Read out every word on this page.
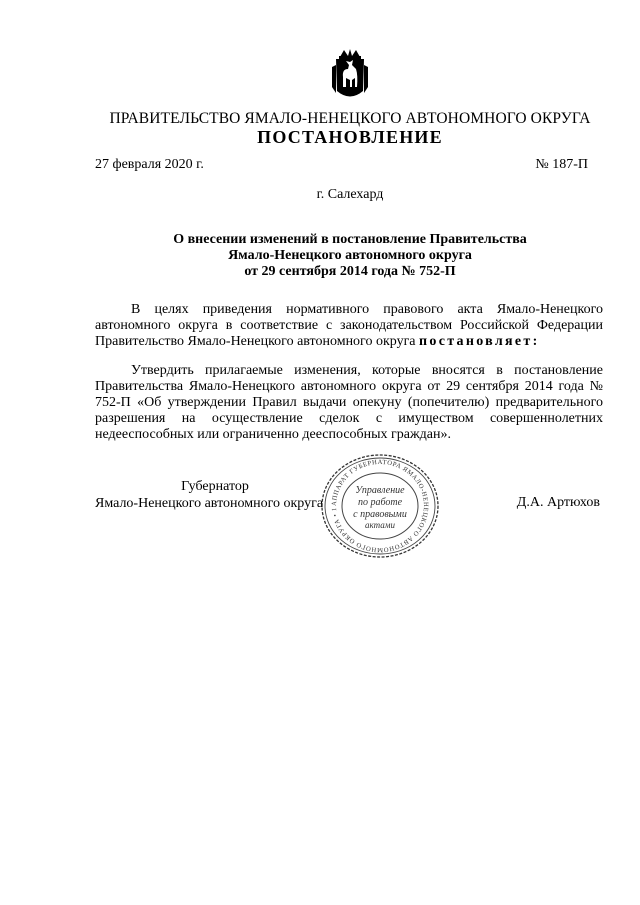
ПРАВИТЕЛЬСТВО ЯМАЛО-НЕНЕЦКОГО АВТОНОМНОГО ОКРУГА
ПОСТАНОВЛЕНИЕ
27 февраля 2020 г.	№ 187-П
г. Салехард
О внесении изменений в постановление Правительства
Ямало-Ненецкого автономного округа
от 29 сентября 2014 года № 752-П
В целях приведения нормативного правового акта Ямало-Ненецкого автономного округа в соответствие с законодательством Российской Федерации Правительство Ямало-Ненецкого автономного округа постановляет:
Утвердить прилагаемые изменения, которые вносятся в постановление Правительства Ямало-Ненецкого автономного округа от 29 сентября 2014 года № 752-П «Об утверждении Правил выдачи опекуну (попечителю) предварительного разрешения на осуществление сделок с имуществом совершеннолетних недееспособных или ограниченно дееспособных граждан».
Губернатор
Ямало-Ненецкого автономного округа	Д.А. Артюхов
АППАРАТ ГУБЕРНАТОРА ЯМАЛО-НЕНЕЦКОГО АВТОНОМНОГО ОКРУГА • 1
Управление
по работе
с правовыми
актами
